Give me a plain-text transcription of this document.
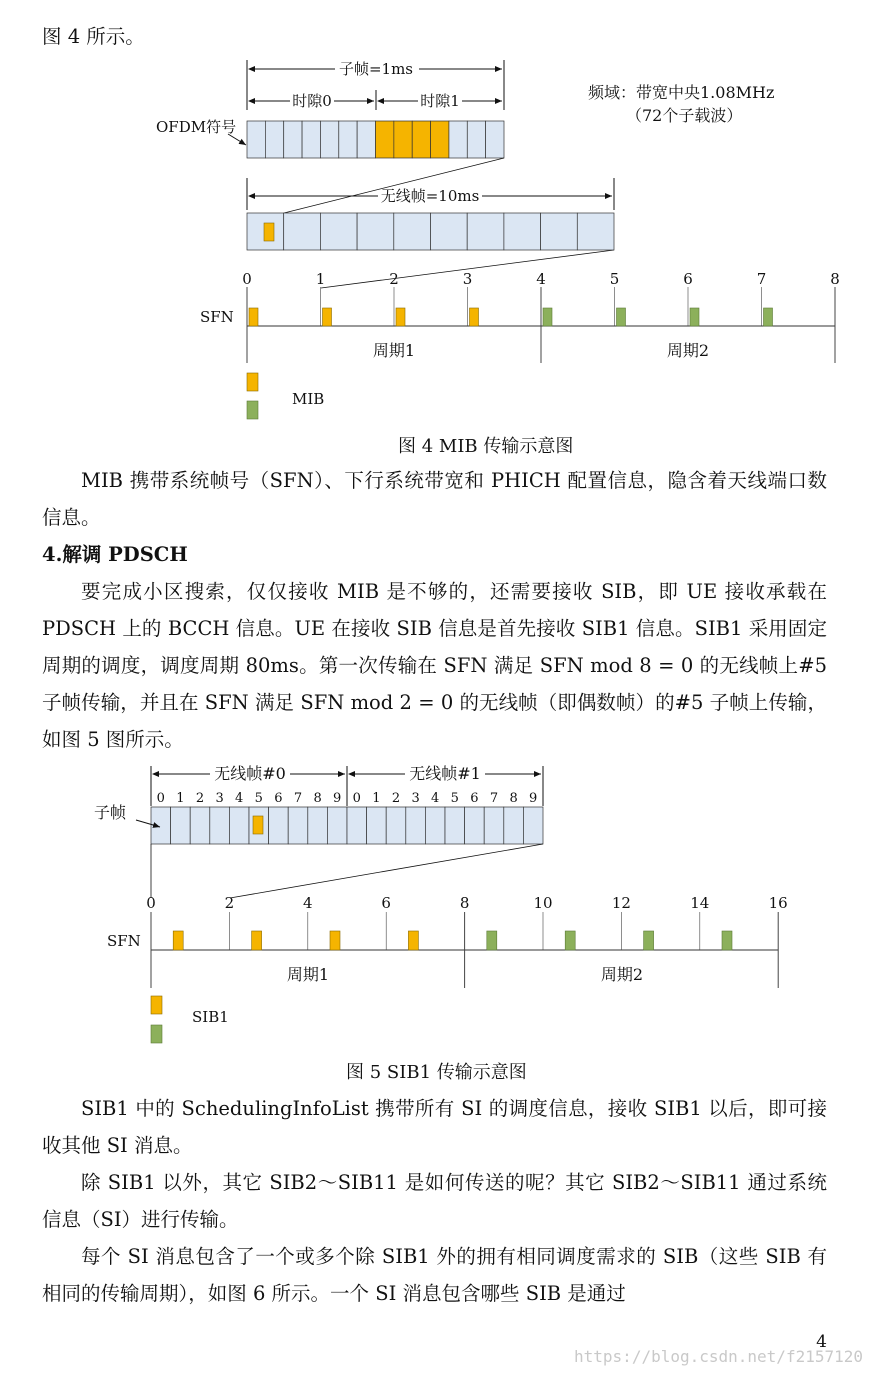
图 4 所示。

子帧=1ms
时隙0	时隙1	频域：带宽中央1.08MHz
（72个子载波）
OFDM符号
无线帧=10ms
0	1	2	3	4	5	6	7	8
SFN
周期1	周期2
MIB
图 4 MIB 传输示意图

MIB 携带系统帧号（SFN）、下行系统带宽和 PHICH 配置信息，隐含着天线端口数信息。

4.解调 PDSCH

要完成小区搜索，仅仅接收 MIB 是不够的，还需要接收 SIB，即 UE 接收承载在 PDSCH 上的 BCCH 信息。UE 在接收 SIB 信息是首先接收 SIB1 信息。SIB1 采用固定周期的调度，调度周期 80ms。第一次传输在 SFN 满足 SFN mod 8 = 0 的无线帧上#5 子帧传输，并且在 SFN 满足 SFN mod 2 = 0 的无线帧（即偶数帧）的#5 子帧上传输，如图 5 图所示。

无线帧#0	无线帧#1
0 1 2 3 4 5 6 7 8 9 0 1 2 3 4 5 6 7 8 9
子帧
0	2	4	6	8	10	12	14	16
SFN
周期1	周期2
SIB1
图 5 SIB1 传输示意图

SIB1 中的 SchedulingInfoList 携带所有 SI 的调度信息，接收 SIB1 以后，即可接收其他 SI 消息。

除 SIB1 以外，其它 SIB2～SIB11 是如何传送的呢？其它 SIB2～SIB11 通过系统信息（SI）进行传输。

每个 SI 消息包含了一个或多个除 SIB1 外的拥有相同调度需求的 SIB（这些 SIB 有相同的传输周期），如图 6 所示。一个 SI 消息包含哪些 SIB 是通过

4
https://blog.csdn.net/f2157120
